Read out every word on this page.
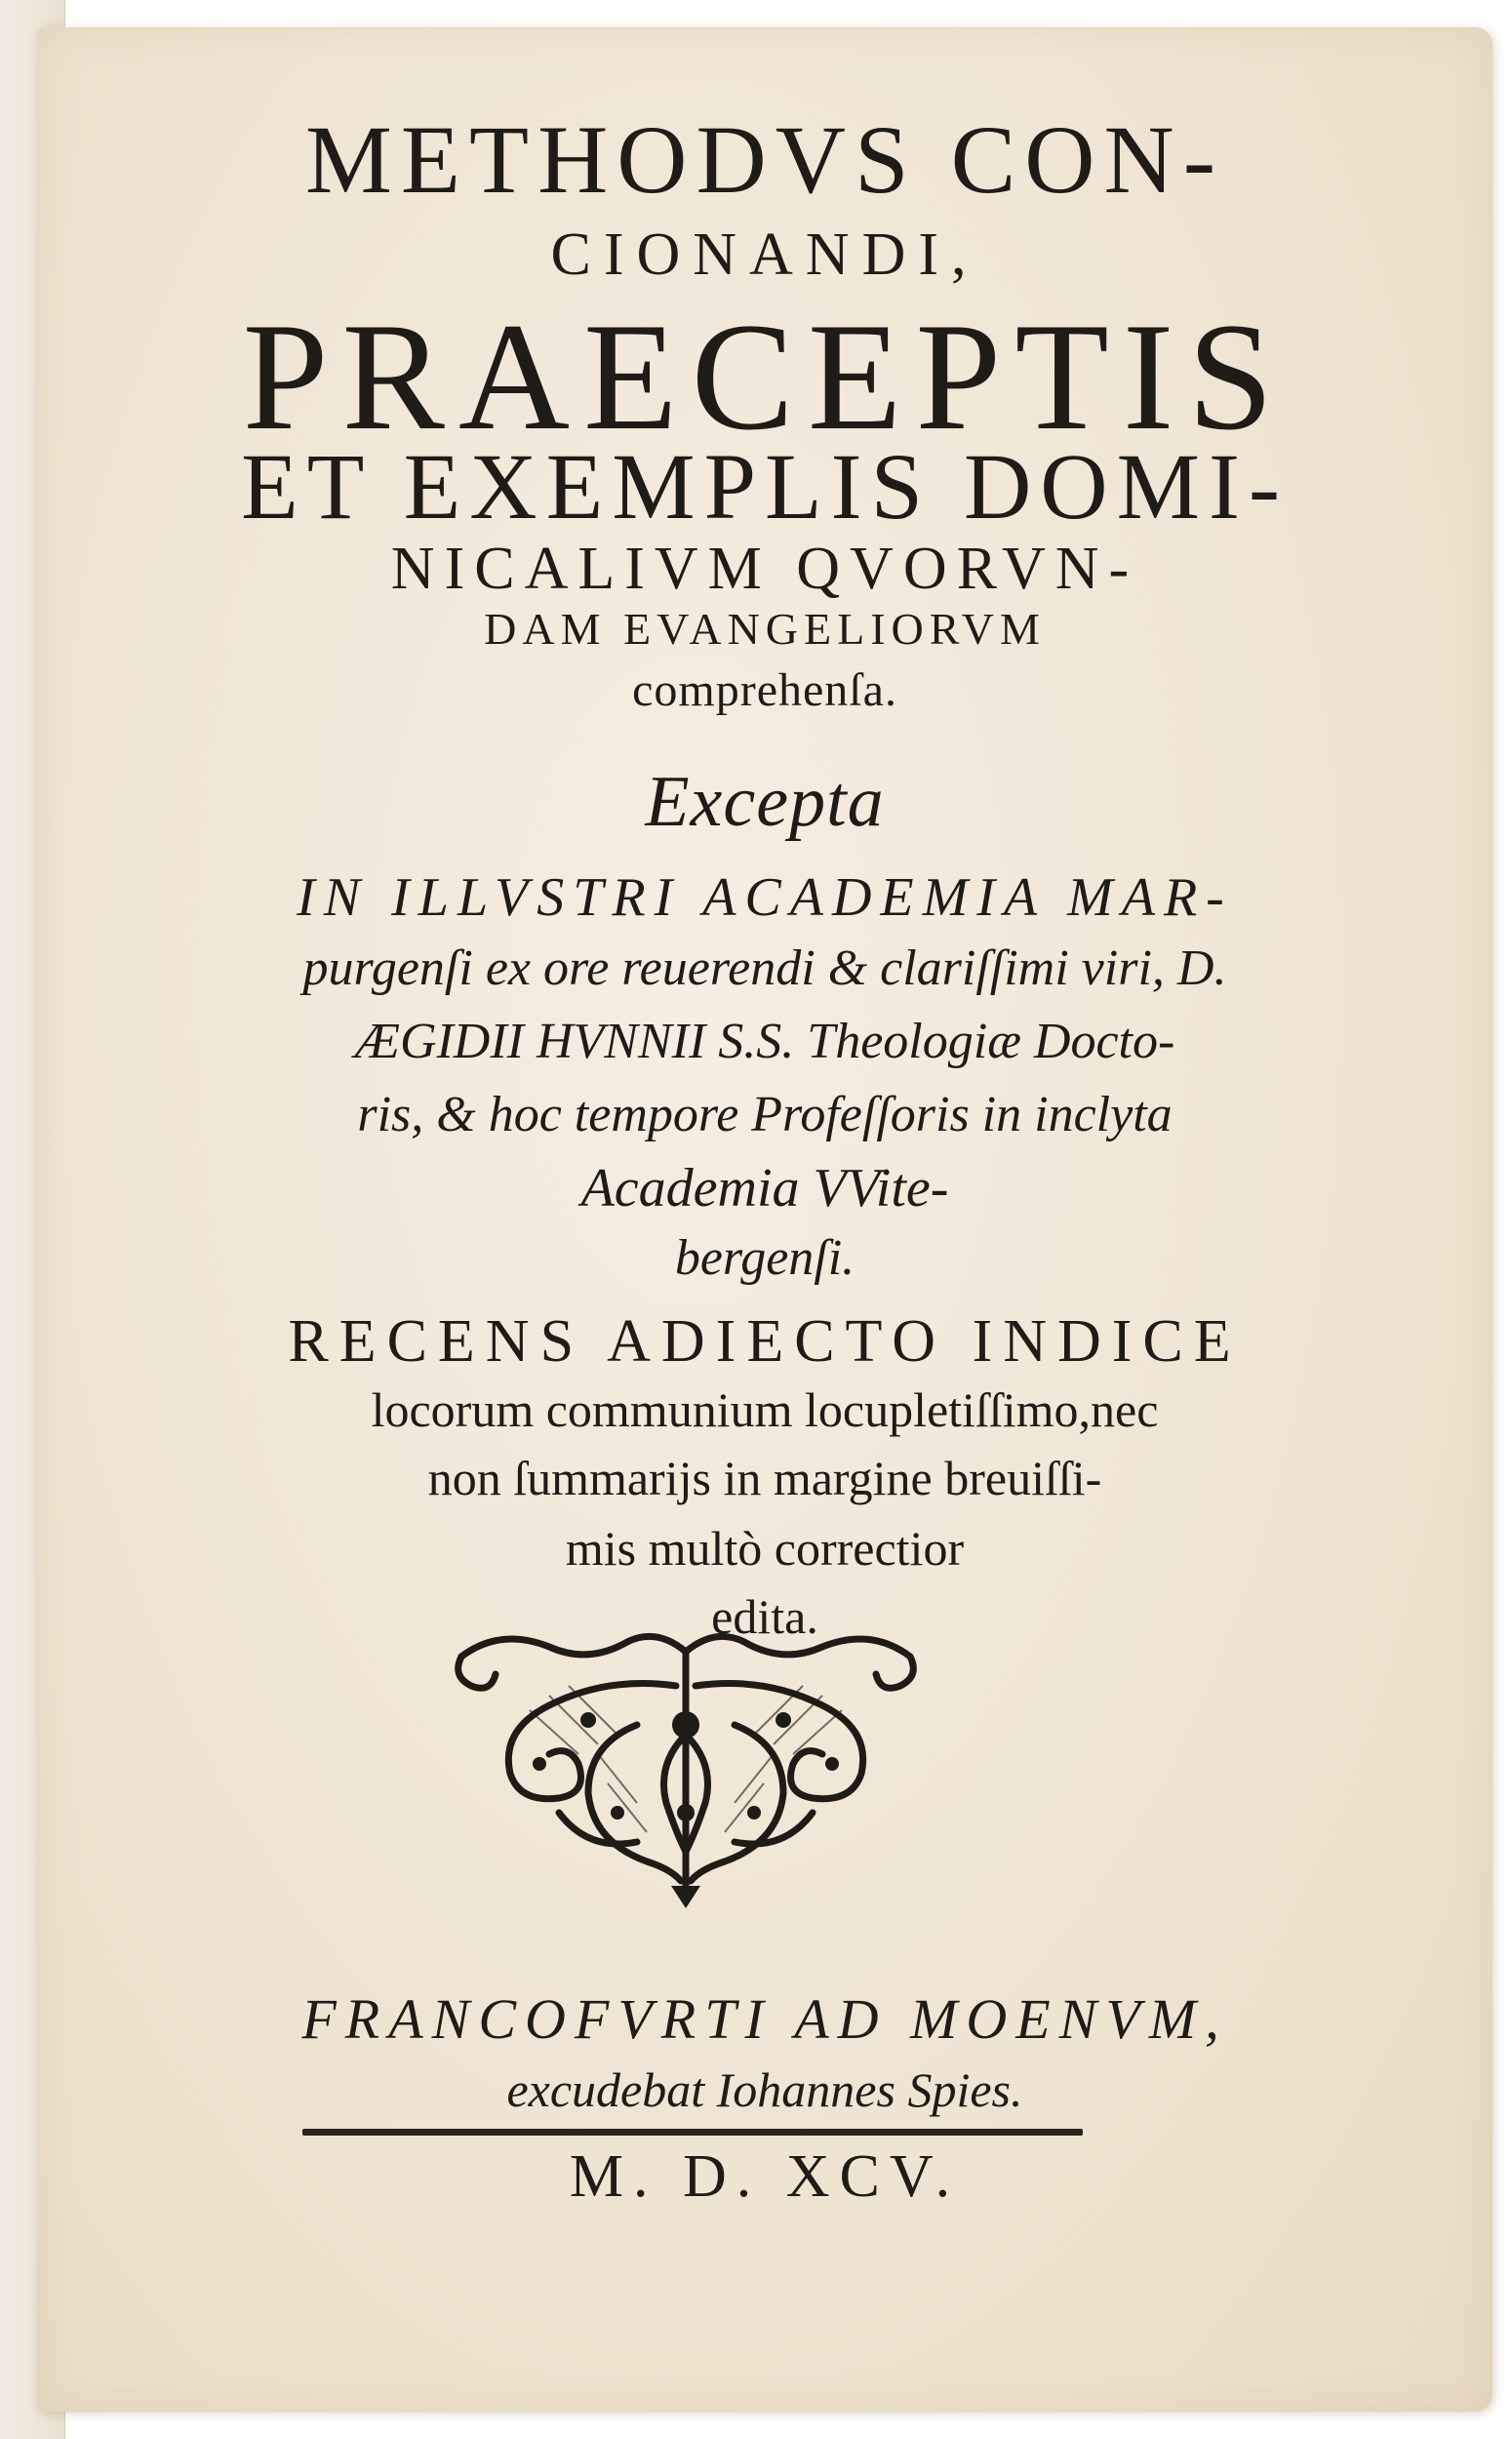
METHODVS CON-

CIONANDI,

PRAECEPTIS

ET EXEMPLIS DOMI-

NICALIVM QVORVN-

DAM EVANGELIORVM

comprehenſa.

Excepta

IN ILLVSTRI ACADEMIA MAR-

purgenſi ex ore reuerendi & clariſſimi viri, D.

ÆGIDII HVNNII S.S. Theologiæ Docto-

ris, & hoc tempore Profeſſoris in inclyta

Academia VVite-

bergenſi.

RECENS ADIECTO INDICE

locorum communium locupletiſſimo,nec

non ſummarijs in margine breuiſſi-

mis multò correctior

edita.

FRANCOFVRTI AD MOENVM,

excudebat Iohannes Spies.

M. D. XCV.
